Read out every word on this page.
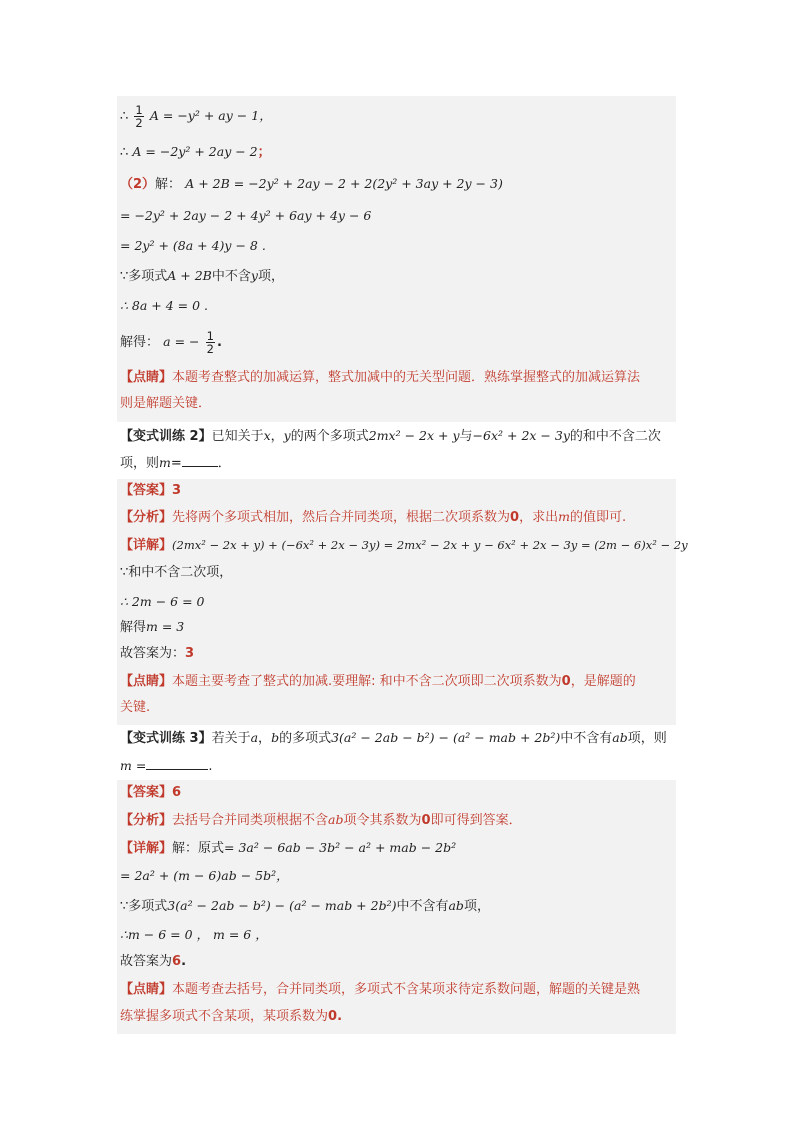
∴ $\frac{1}{2}$ A = −y² + ay − 1，
∴ A = −2y² + 2ay − 2；
（2）解： A + 2B = −2y² + 2ay − 2 + 2(2y² + 3ay + 2y − 3)
= −2y² + 2ay − 2 + 4y² + 6ay + 4y − 6
= 2y² + (8a + 4)y − 8 .
∵多项式A + 2B中不含y项，
∴ 8a + 4 = 0 .
解得： a = − $\frac{1}{2}$ .
【点睛】本题考查整式的加减运算，整式加减中的无关型问题．熟练掌握整式的加减运算法
则是解题关键．
【变式训练 2】已知关于x，y的两个多项式2mx² − 2x + y与−6x² + 2x − 3y的和中不含二次
项，则m=	．
【答案】3
【分析】先将两个多项式相加，然后合并同类项，根据二次项系数为0，求出m的值即可.
【详解】(2mx² − 2x + y) + (−6x² + 2x − 3y) = 2mx² − 2x + y − 6x² + 2x − 3y = (2m − 6)x² − 2y
∵和中不含二次项，
∴ 2m − 6 = 0
解得m = 3
故答案为：3
【点睛】本题主要考查了整式的加减.要理解: 和中不含二次项即二次项系数为0，是解题的
关键.
【变式训练 3】若关于a，b的多项式3(a² − 2ab − b²) − (a² − mab + 2b²)中不含有ab项，则
m =	.
【答案】6
【分析】去括号合并同类项根据不含ab项令其系数为0即可得到答案．
【详解】解：原式= 3a² − 6ab − 3b² − a² + mab − 2b²
= 2a² + (m − 6)ab − 5b²，
∵多项式3(a² − 2ab − b²) − (a² − mab + 2b²)中不含有ab项，
∴m − 6 = 0 ， m = 6 ，
故答案为6.
【点睛】本题考查去括号，合并同类项，多项式不含某项求待定系数问题，解题的关键是熟
练掌握多项式不含某项，某项系数为0.
